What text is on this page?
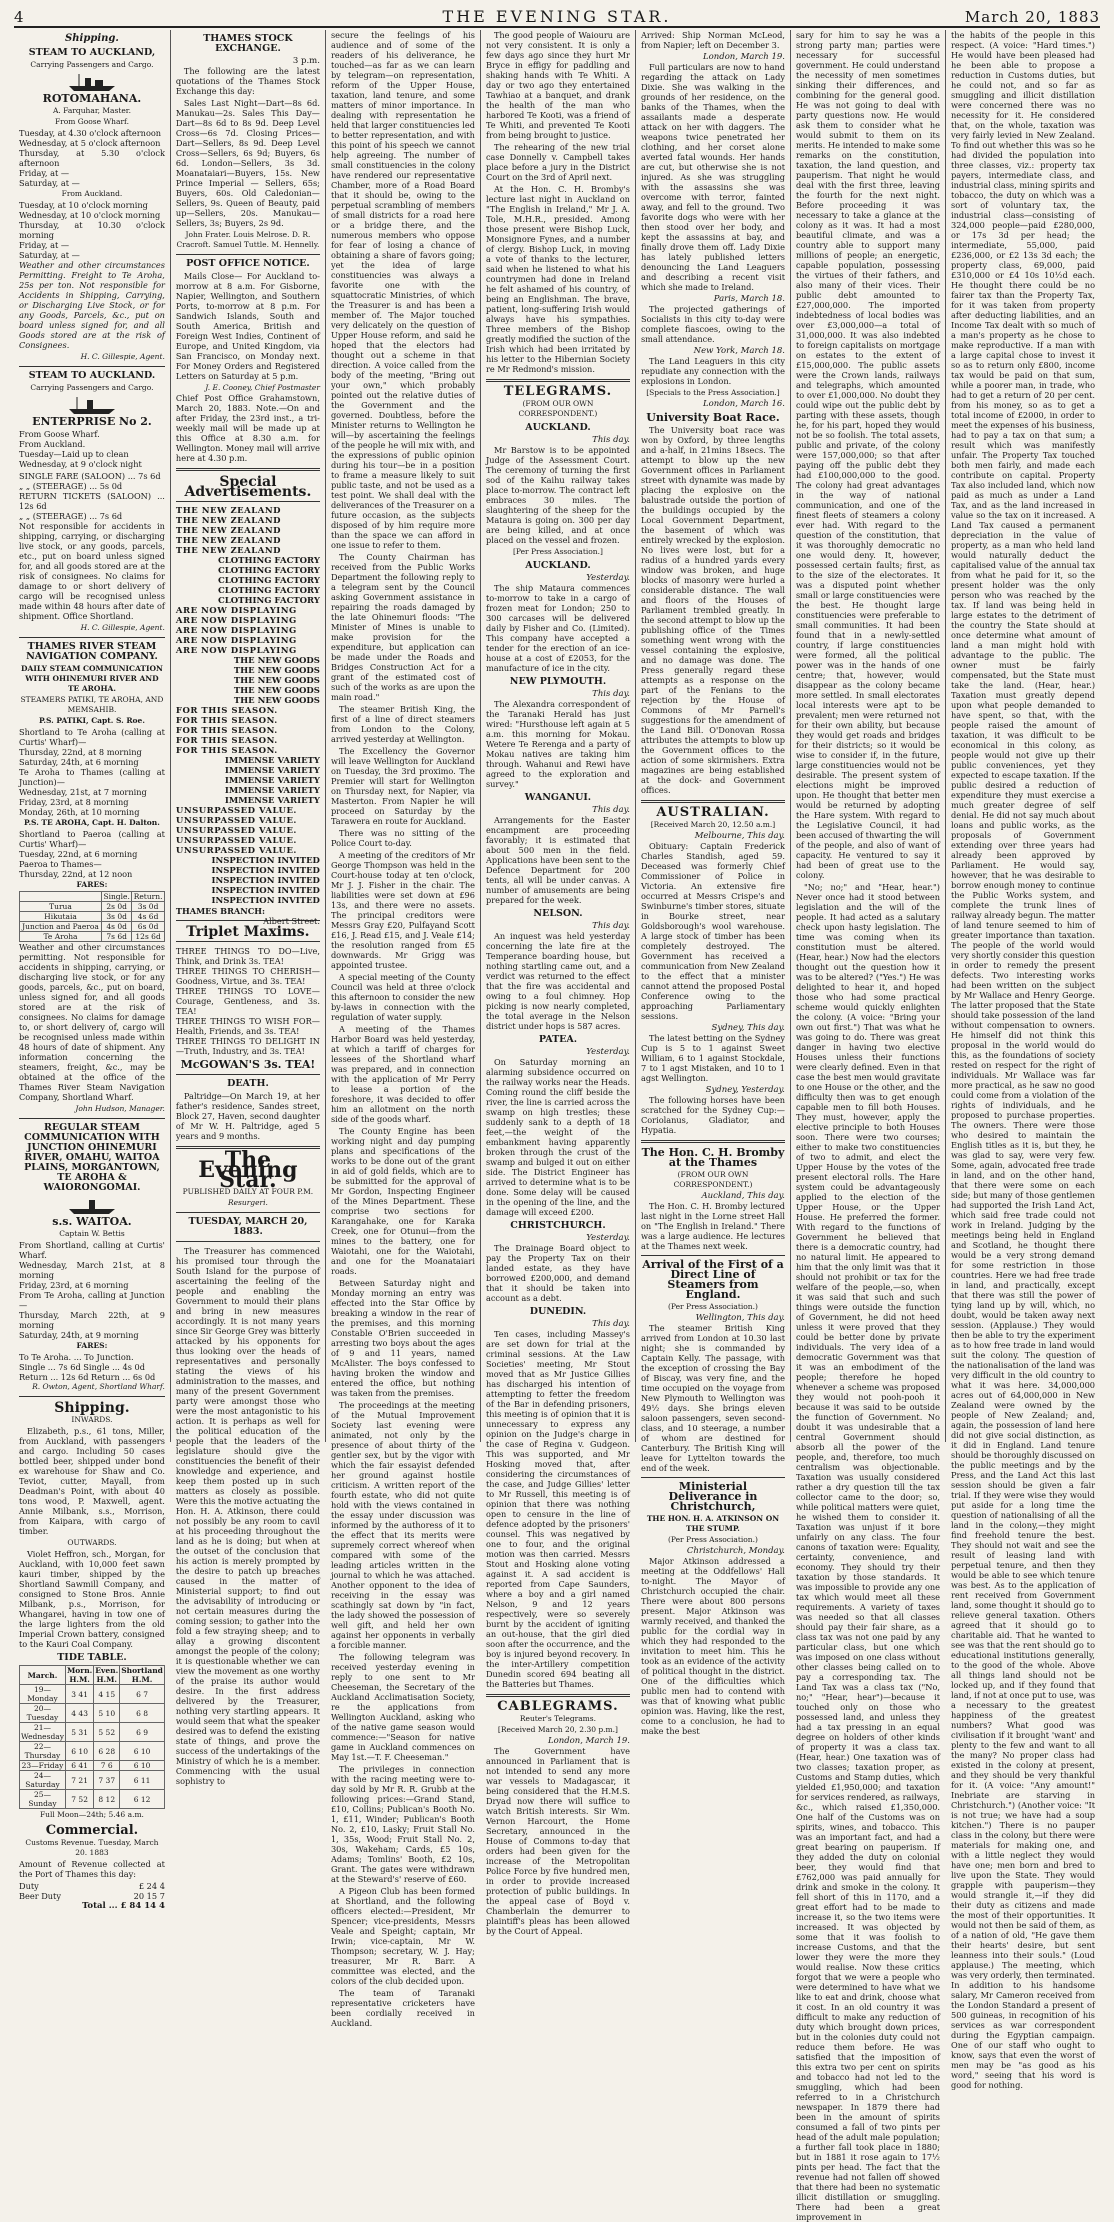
4	THE EVENING STAR.	March 20, 1883
Shipping.
STEAM TO AUCKLAND,
Carrying Passengers and Cargo.
ROTOMAHANA.
A. Farquhar, Master.
From Goose Wharf.
Tuesday, at 4.30 o'clock afternoon
Wednesday, at 5 o'clock afternoon
Thursday, at 5.30 o'clock afternoon
Friday, at —
Saturday, at —
From Auckland.
Tuesday, at 10 o'clock morning
Wednesday, at 10 o'clock morning
Thursday, at 10.30 o'clock morning
Friday, at —
Saturday, at —

Weather and other circumstances Permitting. Freight to Te Aroha, 25s per ton. Not responsible for Accidents in Shipping, Carrying, or Discharging Live Stock, or for any Goods, Parcels, &c., put on board unless signed for, and all Goods stored are at the risk of Consignees.

H. C. Gillespie, Agent.
STEAM TO AUCKLAND.
Carrying Passengers and Cargo.
ENTERPRISE No 2.
From Goose Wharf.
From Auckland.
Tuesday—Laid up to clean
Wednesday, at 9 o'clock night
SINGLE FARE (SALOON) ... 7s 6d
„ „ (STEERAGE) ... 5s 0d
RETURN TICKETS (SALOON) ... 12s 6d
„ „ (STEERAGE) ... 7s 6d

Not responsible for accidents in shipping, carrying, or discharging live stock, or any goods, parcels, etc., put on board unless signed for, and all goods stored are at the risk of consignees. No claims for damage to or short delivery of cargo will be recognised unless made within 48 hours after date of shipment. Office Shortland.

H. C. Gillespie, Agent.
THAMES RIVER STEAM NAVIGATION COMPANY.
DAILY STEAM COMMUNICATION WITH OHINEMURI RIVER AND TE AROHA.
STEAMERS PATIKI, TE AROHA, AND MEMSAHIB.
P.S. PATIKI, Capt. S. Roe.
Shortland to Te Aroha (calling at Curtis' Wharf)—
Thursday, 22nd, at 8 morning
Saturday, 24th, at 6 morning
Te Aroha to Thames (calling at Junction)—
Wednesday, 21st, at 7 morning
Friday, 23rd, at 8 morning
Monday, 26th, at 10 morning
P.S. TE AROHA, Capt. H. Dalton.
Shortland to Paeroa (calling at Curtis' Wharf)—
Tuesday, 22nd, at 6 morning
Paeroa to Thames—
Thursday, 22nd, at 12 noon
FARES:
	Single.	Return.
Turua	2s 0d	3s 0d
Hikutaia	3s 0d	4s 6d
Junction and Paeroa	4s 0d	6s 0d
Te Aroha	7s 6d	12s 6d

Weather and other circumstances permitting. Not responsible for accidents in shipping, carrying, or discharging live stock, or for any goods, parcels, &c., put on board, unless signed for, and all goods stored are at the risk of consignees. No claims for damage to, or short delivery of, cargo will be recognised unless made within 48 hours of date of shipment. Any information concerning the steamers, freight, &c., may be obtained at the office of the Thames River Steam Navigation Company, Shortland Wharf.

John Hudson, Manager.
REGULAR STEAM COMMUNICATION WITH JUNCTION OHINEMURI RIVER, OMAHU, WAITOA PLAINS, MORGANTOWN, TE AROHA & WAIORONGOMAI.
s.s. WAITOA.
Captain W. Bettis
From Shortland, calling at Curtis' Wharf.
Wednesday, March 21st, at 8 morning
Friday, 23rd, at 6 morning
From Te Aroha, calling at Junction—
Thursday, March 22th, at 9 morning
Saturday, 24th, at 9 morning
FARES:
To Te Aroha. ... To Junction.
Single ... 7s 6d Single ... 4s 0d
Return ... 12s 6d Return ... 6s 0d
R. Owton, Agent, Shortland Wharf.
Shipping.
INWARDS.

Elizabeth, p.s., 61 tons, Miller, from Auckland, with passengers and cargo. Including 50 cases bottled beer, shipped under bond ex warehouse for Shaw and Co. Teviot, cutter, Mayall, from Deadman's Point, with about 40 tons wood, P. Maxwell, agent. Annie Milbank, s.s., Morrison, from Kaipara, with cargo of timber.

OUTWARDS.

Violet Heffron, sch., Morgan, for Auckland, with 10,000 feet sawn kauri timber, shipped by the Shortland Sawmill Company, and consigned to Stone Bros. Annie Milbank, p.s., Morrison, for Whangarei, having in tow one of the large lighters from the old Imperial Crown battery, consigned to the Kauri Coal Company.

TIDE TABLE.
March.	Morn. H.M.	Even. H.M.	Shortland H.M.
19—Monday	3 41	4 15	6 7
20—Tuesday	4 43	5 10	6 8
21—Wednesday	5 31	5 52	6 9
22—Thursday	6 10	6 28	6 10
23—Friday	6 41	7 6	6 10
24—Saturday	7 21	7 37	6 11
25—Sunday	7 52	8 12	6 12
Full Moon—24th; 5.46 a.m.
Commercial.
Customs Revenue. Tuesday, March 20. 1883

Amount of Revenue collected at the Port of Thames this day:

Duty	£ 24 4
Beer Duty	20 15 7
Total ... £ 84 14 4
THAMES STOCK EXCHANGE.
3 p.m.

The following are the latest quotations of the Thames Stock Exchange this day:

Sales Last Night—Dart—8s 6d. Manukau—2s. Sales This Day—Dart—8s 6d to 8s 9d. Deep Level Cross—6s 7d. Closing Prices—Dart—Sellers, 8s 9d. Deep Level Cross—Sellers, 6s 9d; Buyers, 6s 6d. London—Sellers, 3s 3d. Moanataiari—Buyers, 15s. New Prince Imperial — Sellers, 65s; Buyers, 60s. Old Caledonian—Sellers, 9s. Queen of Beauty, paid up—Sellers, 20s. Manukau—Sellers, 3s; Buyers, 2s 9d.

John Frater. Louis Melrose. D. R. Cracroft. Samuel Tuttle. M. Hennelly.
POST OFFICE NOTICE.

Mails Close— For Auckland to-morrow at 8 a.m. For Gisborne, Napier, Wellington, and Southern Ports, to-morrow at 8 p.m. For Sandwich Islands, South and South America, British and Foreign West Indies, Continent of Europe, and United Kingdom, via San Francisco, on Monday next. For Money Orders and Registered Letters on Saturday at 5 p.m.

J. E. Cooney, Chief Postmaster

Chief Post Office Grahamstown, March 20, 1883. Note.—On and after Friday, the 23rd inst., a tri-weekly mail will be made up at this Office at 8.30 a.m. for Wellington. Money mail will arrive here at 4.30 p.m.

Special Advertisements.
THE NEW ZEALAND
THE NEW ZEALAND
THE NEW ZEALAND
THE NEW ZEALAND
THE NEW ZEALAND
CLOTHING FACTORY
CLOTHING FACTORY
CLOTHING FACTORY
CLOTHING FACTORY
CLOTHING FACTORY
ARE NOW DISPLAYING
ARE NOW DISPLAYING
ARE NOW DISPLAYING
ARE NOW DISPLAYING
ARE NOW DISPLAYING
THE NEW GOODS
THE NEW GOODS
THE NEW GOODS
THE NEW GOODS
THE NEW GOODS
FOR THIS SEASON.
FOR THIS SEASON.
FOR THIS SEASON.
FOR THIS SEASON.
FOR THIS SEASON.
IMMENSE VARIETY
IMMENSE VARIETY
IMMENSE VARIETY
IMMENSE VARIETY
IMMENSE VARIETY
UNSURPASSED VALUE.
UNSURPASSED VALUE.
UNSURPASSED VALUE.
UNSURPASSED VALUE.
UNSURPASSED VALUE.
INSPECTION INVITED
INSPECTION INVITED
INSPECTION INVITED
INSPECTION INVITED
INSPECTION INVITED
THAMES BRANCH:
Albert Street.
Triplet Maxims.
THREE THINGS TO DO—Live, Think, and Drink 3s. TEA!
THREE THINGS TO CHERISH—Goodness, Virtue, and 3s. TEA!
THREE THINGS TO LOVE—Courage, Gentleness, and 3s. TEA!
THREE THINGS TO WISH FOR—Health, Friends, and 3s. TEA!
THREE THINGS TO DELIGHT IN—Truth, Industry, and 3s. TEA!
McGOWAN'S 3s. TEA!
DEATH.

Paltridge—On March 19, at her father's residence, Sandes street, Block 27, Haven, second daughter of Mr W. H. Paltridge, aged 5 years and 9 months.

The Evening Star.
PUBLISHED DAILY AT FOUR P.M.
Resurgeri.
TUESDAY, MARCH 20, 1883.

The Treasurer has commenced his promised tour through the South Island for the purpose of ascertaining the feeling of the people and enabling the Government to mould their plans and bring in new measures accordingly. It is not many years since Sir George Grey was bitterly attacked by his opponents for thus looking over the heads of representatives and personally stating the views of his administration to the masses, and many of the present Government party were amongst those who were the most antagonistic to his action. It is perhaps as well for the political education of the people that the leaders of the legislature should give the constituencies the benefit of their knowledge and experience, and keep them posted up in such matters as closely as possible. Were this the motive actuating the Hon. H. A. Atkinson, there could not possibly be any room to cavil at his proceeding throughout the land as he is doing; but when at the outset of the conclusion that his action is merely prompted by the desire to patch up breaches caused in the matter of Ministerial support; to find out the advisability of introducing or not certain measures during the coming session; to gather into the fold a few straying sheep; and to allay a growing discontent amongst the people of the colony; it is questionable whether we can view the movement as one worthy of the praise its author would desire. In the first address delivered by the Treasurer, nothing very startling appears. It would seem that what the speaker desired was to defend the existing state of things, and prove the success of the undertakings of the Ministry of which he is a member. Commencing with the usual sophistry to

secure the feelings of his audience and of some of the readers of his deliverance, he touched—as far as we can learn by telegram—on representation, reform of the Upper House, taxation, land tenure, and some matters of minor importance. In dealing with representation he held that larger constituencies led to better representation, and with this point of his speech we cannot help agreeing. The number of small constituencies in the colony have rendered our representative Chamber, more of a Road Board that it should be, owing to the perpetual scrambling of members of small districts for a road here or a bridge there, and the numerous members who oppose for fear of losing a chance of obtaining a share of favors going; yet the idea of large constituencies was always a favorite one with the squattocratic Ministries, of which the Treasurer is and has been a member of. The Major touched very delicately on the question of Upper House reform, and said he hoped that the electors had thought out a scheme in that direction. A voice called from the body of the meeting, "Bring out your own," which probably pointed out the relative duties of the Government and the governed. Doubtless, before the Minister returns to Wellington he will—by ascertaining the feelings of the people he will mix with, and the expressions of public opinion during his tour—be in a position to frame a measure likely to suit public taste, and not be used as a test point. We shall deal with the deliverances of the Treasurer on a future occasion, as the subjects disposed of by him require more than the space we can afford in one issue to refer to them.

The County Chairman has received from the Public Works Department the following reply to a telegram sent by the Council asking Government assistance in repairing the roads damaged by the late Ohinemuri floods: "The Minister of Mines is unable to make provision for the expenditure, but application can be made under the Roads and Bridges Construction Act for a grant of the estimated cost of such of the works as are upon the main road."

The steamer British King, the first of a line of direct steamers from London to the Colony, arrived yesterday at Wellington.

The Excellency the Governor will leave Wellington for Auckland on Tuesday, the 3rd proximo. The Premier will start for Wellington on Thursday next, for Napier, via Masterton. From Napier he will proceed on Saturday by the Tarawera en route for Auckland.

There was no sitting of the Police Court to-day.

A meeting of the creditors of Mr George Thompson was held in the Court-house today at ten o'clock, Mr J. J. Fisher in the chair. The liabilities were set down at £96 13s, and there were no assets. The principal creditors were Messrs Gray £20, Pulfayand Scott £16, J. Read £15, and J. Veale £14; the resolution ranged from £5 downwards. Mr Grigg was appointed trustee.

A special meeting of the County Council was held at three o'clock this afternoon to consider the new by-laws in connection with the regulation of water supply.

A meeting of the Thames Harbor Board was held yesterday, at which a tariff of charges for lessees of the Shortland wharf was prepared, and in connection with the application of Mr Perry to lease a portion of the foreshore, it was decided to offer him an allotment on the north side of the goods wharf.

The County Engine has been working night and day pumping plans and specifications of the works to be done out of the grant in aid of gold fields, which are to be submitted for the approval of Mr Gordon, Inspecting Engineer of the Mines Department. These comprise two sections for Karangahake, one for Karaka Creek, one for Otunui—from the mines to the battery, one for Waiotahi, one for the Waiotahi, and one for the Moanataiari roads.

Between Saturday night and Monday morning an entry was effected into the Star Office by breaking a window in the rear of the premises, and this morning Constable O'Brien succeeded in arresting two boys about the ages of 9 and 11 years, named McAlister. The boys confessed to having broken the window and entered the office, but nothing was taken from the premises.

The proceedings at the meeting of the Mutual Improvement Society last evening were animated, not only by the presence of about thirty of the gentler sex, but by the vigor with which the fair essayist defended her ground against hostile criticism. A written report of the fourth estate, who did not quite hold with the views contained in the essay under discussion was informed by the authoress of it to the effect that its merits were supremely correct whereof when compared with some of the leading articles written in the journal to which he was attached. Another opponent to the idea of receiving in the essay was scathingly sat down by "in fact, the lady showed the possession of well gift, and held her own against her opponents in verbally a forcible manner.

The following telegram was received yesterday evening in reply to one sent to Mr Cheeseman, the Secretary of the Auckland Acclimatisation Society, re the applications from Wellington Auckland, asking who of the native game season would commence:—"Season for native game in Auckland commences on May 1st.—T. F. Cheeseman."

The privileges in connection with the racing meeting were to-day sold by Mr R. R. Grubb at the following prices:—Grand Stand, £10, Collins; Publican's Booth No. 1, £11, Winder; Publican's Booth No. 2, £10, Lasky; Fruit Stall No. 1, 35s, Wood; Fruit Stall No. 2, 30s, Wakeham; Cards, £5 10s, Adams; Tomlins' Booth, £2 10s, Grant. The gates were withdrawn at the Steward's' reserve of £60.

A Pigeon Club has been formed at Shortland, and the following officers elected:—President, Mr Spencer; vice-presidents, Messrs Veale and Speight; captain, Mr Irwin; vice-captain, Mr W. Thompson; secretary, W. J. Hay; treasurer, Mr R. Barr. A committee was elected, and the colors of the club decided upon.

The team of Taranaki representative cricketers have been cordially received in Auckland.

The good people of Waiouru are not very consistent. It is only a few days ago since they hurt Mr Bryce in effigy for paddling and shaking hands with Te Whiti. A day or two ago they entertained Tawhiao at a banquet, and drank the health of the man who harbored Te Kooti, was a friend of Te Whiti, and prevented Te Kooti from being brought to justice.

The rehearing of the new trial case Donnelly v. Campbell takes place before a jury in the District Court on the 3rd of April next.

At the Hon. C. H. Bromby's lecture last night in Auckland on "The English in Ireland," Mr J. A. Tole, M.H.R., presided. Among those present were Bishop Luck, Monsignore Fynes, and a number of clergy. Bishop Luck, in moving a vote of thanks to the lecturer, said when he listened to what his countrymen had done in Ireland he felt ashamed of his country, of being an Englishman. The brave, patient, long-suffering Irish would always have his sympathies. Three members of the Bishop greatly modified the suction of the Irish which had been irritated by his letter to the Hibernian Society re Mr Redmond's mission.

TELEGRAMS.
(FROM OUR OWN CORRESPONDENT.)
AUCKLAND.
This day.

Mr Barstow is to be appointed Judge of the Assessment Court. The ceremony of turning the first sod of the Kaihu railway takes place to-morrow. The contract left embraces 30 miles. The slaughtering of the sheep for the Mataura is going on. 300 per day are being killed, and at once placed on the vessel and frozen.

[Per Press Association.]
AUCKLAND.
Yesterday.

The ship Mataura commences to-morrow to take in a cargo of frozen meat for London; 250 to 300 carcases will be delivered daily by Fisher and Co. (Limited). This company have accepted a tender for the erection of an ice-house at a cost of £2053, for the manufacture of ice in the city.

NEW PLYMOUTH.
This day.

The Alexandra correspondent of the Taranaki Herald has just wired: "Hursthouse left again at 5 a.m. this morning for Mokau. Wetere Te Rerenga and a party of Mokau natives are taking him through. Wahanui and Rewi have agreed to the exploration and survey."

WANGANUI.
This day.

Arrangements for the Easter encampment are proceeding favorably; it is estimated that about 500 men in the field. Applications have been sent to the Defence Department for 200 tents, all will be under canvas. A number of amusements are being prepared for the week.

NELSON.
This day.

An inquest was held yesterday concerning the late fire at the Temperance boarding house, but nothing startling came out, and a verdict was returned to the effect that the fire was accidental and owing to a foul chimney. Hop picking is now nearly completed, the total average in the Nelson district under hops is 587 acres.

PATEA.
Yesterday.

On Saturday morning an alarming subsidence occurred on the railway works near the Heads. Coming round the cliff beside the river, the line is carried across the swamp on high trestles; these suddenly sank to a depth of 18 feet,—the weight of the embankment having apparently broken through the crust of the swamp and bulged it out on either side. The District Engineer has arrived to determine what is to be done. Some delay will be caused in the opening of the line, and the damage will exceed £200.

CHRISTCHURCH.
Yesterday.

The Drainage Board object to pay the Property Tax on their landed estate, as they have borrowed £200,000, and demand that it should be taken into account as a debt.

DUNEDIN.
This day.

Ten cases, including Massey's are set down for trial at the criminal sessions. At the Law Societies' meeting, Mr Stout moved that as Mr Justice Gillies has discharged his intention of attempting to fetter the freedom of the Bar in defending prisoners, this meeting is of opinion that it is unnecessary to express any opinion on the Judge's charge in the case of Regina v. Gudgeon. This was supported, and Mr Hosking moved that, after considering the circumstances of the case, and Judge Gillies' letter to Mr Russell, this meeting is of opinion that there was nothing open to censure in the line of defence adopted by the prisoners' counsel. This was negatived by one to four, and the original motion was then carried. Messrs Stout and Hosking alone voting against it. A sad accident is reported from Cape Saunders, where a boy and a girl named Nelson, 9 and 12 years respectively, were so severely burnt by the accident of igniting an out-house, that the girl died soon after the occurrence, and the boy is injured beyond recovery. In the inter-Artillery competition Dunedin scored 694 beating all the Batteries but Thames.

CABLEGRAMS.
Reuter's Telegrams.
[Received March 20, 2.30 p.m.]
London, March 19.

The Government have announced in Parliament that is not intended to send any more war vessels to Madagascar, it being considered that the H.M.S. Dryad now there will suffice to watch British interests. Sir Wm. Vernon Harcourt, the Home Secretary, announced in the House of Commons to-day that orders had been given for the increase of the Metropolitan Police Force by five hundred men, in order to provide increased protection of public buildings. In the appeal case of Boyd v. Chamberlain the demurrer to plaintiff's pleas has been allowed by the Court of Appeal.

Arrived: Ship Norman McLeod, from Napier; left on December 3.

London, March 19.

Full particulars are now to hand regarding the attack on Lady Dixie. She was walking in the grounds of her residence, on the banks of the Thames, when the assailants made a desperate attack on her with daggers. The weapons twice penetrated her clothing, and her corset alone averted fatal wounds. Her hands are cut, but otherwise she is not injured. As she was struggling with the assassins she was overcome with terror, fainted away, and fell to the ground. Two favorite dogs who were with her then stood over her body, and kept the assassins at bay, and finally drove them off. Lady Dixie has lately published letters denouncing the Land Leaguers and describing a recent visit which she made to Ireland.

Paris, March 18.

The projected gatherings of Socialists in this city to-day were complete fiascoes, owing to the small attendance.

New York, March 18.

The Land Leaguers in this city repudiate any connection with the explosions in London.

[Specials to the Press Association.]
London, March 16.
University Boat Race.

The University boat race was won by Oxford, by three lengths and a-half, in 21mins 18secs. The attempt to blow up the new Government offices in Parliament street with dynamite was made by placing the explosive on the balustrade outside the portion of the buildings occupied by the Local Government Department, the basement of which was entirely wrecked by the explosion. No lives were lost, but for a radius of a hundred yards every window was broken, and huge blocks of masonry were hurled a considerable distance. The wall and floors of the Houses of Parliament trembled greatly. In the second attempt to blow up the publishing office of the Times something went wrong with the vessel containing the explosive, and no damage was done. The Press generally regard these attempts as a response on the part of the Fenians to the rejection by the House of Commons of Mr Parnell's suggestions for the amendment of the Land Bill. O'Donovan Rossa attributes the attempts to blow up the Government offices to the action of some skirmishers. Extra magazines are being established at the dock- and Government offices.

AUSTRALIAN.
[Received March 20, 12.50 a.m.]
Melbourne, This day.

Obituary: Captain Frederick Charles Standish, aged 59. Deceased was formerly Chief Commissioner of Police in Victoria. An extensive fire occurred at Messrs Crispe's and Swinburne's timber stores, situate in Bourke street, near Goldsborough's wool warehouse. A large stock of timber has been completely destroyed. The Government has received a communication from New Zealand to the effect that a minister cannot attend the proposed Postal Conference owing to the approaching Parliamentary sessions.

Sydney, This day.

The latest betting on the Sydney Cup is 5 to 1 against Sweet William, 6 to 1 against Stockdale, 7 to 1 agst Mistaken, and 10 to 1 agst Wellington.

Sydney, Yesterday.

The following horses have been scratched for the Sydney Cup:—Coriolanus, Gladiator, and Hypatia.

The Hon. C. H. Bromby at the Thames
(FROM OUR OWN CORRESPONDENT.)
Auckland, This day.

The Hon. C. H. Bromby lectured last night in the Lorne street Hall on "The English in Ireland." There was a large audience. He lectures at the Thames next week.

Arrival of the First of a Direct Line of Steamers from England.
(Per Press Association.)
Wellington, This day.

The steamer British King arrived from London at 10.30 last night; she is commanded by Captain Kelly. The passage, with the exception of crossing the Bay of Biscay, was very fine, and the time occupied on the voyage from New Plymouth to Wellington was 49½ days. She brings eleven saloon passengers, seven second-class, and 10 steerage, a number of whom are destined for Canterbury. The British King will leave for Lyttelton towards the end of the week.

Ministerial Deliverance in Christchurch,
THE HON. H. A. ATKINSON ON THE STUMP.
(Per Press Association.)
Christchurch, Monday.

Major Atkinson addressed a meeting at the Oddfellows' Hall to-night. The Mayor of Christchurch occupied the chair. There were about 800 persons present. Major Atkinson was warmly received, and thanked the public for the cordial way in which they had responded to the invitation to meet him. This he took as an evidence of the activity of political thought in the district. One of the difficulties which public men had to contend with was that of knowing what public opinion was. Having, like the rest, come to a conclusion, he had to make the best

sary for him to say he was a strong party man; parties were necessary for successful government. He could understand the necessity of men sometimes sinking their differences, and combining for the general good. He was not going to deal with party questions now. He would ask them to consider what he would submit to them on its merits. He intended to make some remarks on the constitution, taxation, the land question, and pauperism. That night he would deal with the first three, leaving the fourth for the next night. Before proceeding it was necessary to take a glance at the colony as it was. It had a most beautiful climate, and was a country able to support many millions of people; an energetic, capable population, possessing the virtues of their fathers, and also many of their vices. Their public debt amounted to £27,000,000. The imported indebtedness of local bodies was over £3,000,000—a total of 31,000,000. It was also indebted to foreign capitalists on mortgage on estates to the extent of £15,000,000. The public assets were the Crown lands, railways and telegraphs, which amounted to over £1,000,000. No doubt they could wipe out the public debt by parting with these assets, though he, for his part, hoped they would not be so foolish. The total assets, public and private, of the colony were 157,000,000; so that after paying off the public debt they had £100,000,000 to the good. The colony had great advantages in the way of national communication, and one of the finest fleets of steamers a colony ever had. With regard to the question of the constitution, that it was thoroughly democratic no one would deny. It, however, possessed certain faults; first, as to the size of the electorates. It was a disputed point whether small or large constituencies were the best. He thought large constituencies were preferable to small communities. It had been found that in a newly-settled country, if large constituencies were formed, all the political power was in the hands of one centre; that, however, would disappear as the colony became more settled. In small electorates local interests were apt to be prevalent; men were returned not for their own ability, but because they would get roads and bridges for their districts; so it would be wise to consider if, in the future, large constituencies would not be desirable. The present system of elections might be improved upon. He thought that better men would be returned by adopting the Hare system. With regard to the Legislative Council, it had been accused of thwarting the will of the people, and also of want of capacity. He ventured to say it had been of great use to the colony.

"No; no;" and "Hear, hear.") Never once had it stood between legislation and the will of the people. It had acted as a salutary check upon hasty legislation. The time was coming when its constitution must be altered. (Hear, hear.) Now had the electors thought out the question how it was to be altered? ("Yes.") He was delighted to hear it, and hoped those who had some practical scheme would quickly enlighten the colony. (A voice: "Bring your own out first.") That was what he was going to do. There was great danger in having two elective Houses unless their functions were clearly defined. Even in that case the best men would gravitate to one House or the other, and the difficulty then was to get enough capable men to fill both Houses. They must, however, apply the elective principle to both Houses soon. There were two courses; either to make two constituencies of two to admit, and elect the Upper House by the votes of the present electoral rolls. The Hare system could be advantageously applied to the election of the Upper House, or the Upper House. He preferred the former. With regard to the functions of Government he believed that there is a democratic country, had no natural limit. He appeared to him that the only limit was that it should not prohibit or tax for the welfare of the people,—so, when it was said that such and such things were outside the function of Government, he did not heed unless it were proved that they could be better done by private individuals. The very idea of a democratic Government was that it was an embodiment of the people; therefore he hoped whenever a scheme was proposed they would not pooh-pooh it because it was said to be outside the function of Government. No doubt it was undesirable that a central Government should absorb all the power of the people, and, therefore, too much centralism was objectionable. Taxation was usually considered rather a dry question till the tax collector came to the door; so, while political matters were quiet, he wished them to consider it. Taxation was unjust if it bore unfairly on any class. The four canons of taxation were: Equality, certainty, convenience, and economy. They should try their taxation by those standards. It was impossible to provide any one tax which would meet all these requirements. A variety of taxes was needed so that all classes should pay their fair share, as a class tax was not one paid by any particular class, but one which was imposed on one class without other classes being called on to pay a corresponding tax. The Land Tax was a class tax ("No, no;" "Hear, hear")—because it touched only on those who possessed land, and unless they had a tax pressing in an equal degree on holders of other kinds of property it was a class tax. (Hear, hear.) One taxation was of two classes; taxation proper, as Customs and Stamp duties, which yielded £1,950,000; and taxation for services rendered, as railways, &c., which raised £1,350,000. One half of the Customs was on spirits, wines, and tobacco. This was an important fact, and had a great bearing on pauperism. If they added the duty on colonial beer, they would find that £762,000 was paid annually for drink and smoke in the colony. It fell short of this in 1170, and a great effort had to be made to increase it, so the two items were increased. It was objected by some that it was foolish to increase Customs, and that the lower they were the more they would realise. Now these critics forgot that we were a people who were determined to have what we like to eat and drink, choose what it cost. In an old country it was difficult to make any reduction of duty which brought down prices, but in the colonies duty could not reduce them before. He was satisfied that the imposition of this extra two per cent on spirits and tobacco had not led to the smuggling, which had been referred to in a Christchurch newspaper. In 1879 there had been in the amount of spirits consumed a fall of two pints per head of the adult male population; a further fall took place in 1880; but in 1881 it rose again to 17½ pints per head. The fact that the revenue had not fallen off showed that there had been no systematic illicit distillation or smuggling. There had been a great improvement in

the habits of the people in this respect. (A voice: "Hard times.") He would have been pleased had he been able to propose a reduction in Customs duties, but he could not, and so far as smuggling and illicit distillation were concerned there was no necessity for it. He considered that, on the whole, taxation was very fairly levied in New Zealand. To find out whether this was so he had divided the population into three classes, viz.: property tax payers, intermediate class, and industrial class, mining spirits and tobacco, the duty on which was a sort of voluntary tax, the industrial class—consisting of 324,000 people—paid £280,000, or 17s 3d per head; the intermediate, 55,000, paid £236,000, or £2 13s 3d each; the property class, 69,000, paid £310,000 or £4 10s 10½d each. He thought there could be no fairer tax than the Property Tax, for it was taken from property after deducting liabilities, and an Income Tax dealt with so much of a man's property as he chose to make reproductive. If a man with a large capital chose to invest it so as to return only £800, income tax would be paid on that sum, while a poorer man, in trade, who had to get a return of 20 per cent. from his money, so as to get a total income of £2000, in order to meet the expenses of his business, had to pay a tax on that sum; a result which was manifestly unfair. The Property Tax touched both men fairly, and made each contribute on capital. Property Tax also included land, which now paid as much as under a Land Tax, and as the land increased in value so the tax on it increased. A Land Tax caused a permanent depreciation in the value of property, as a man who held land would naturally deduct the capitalised value of the annual tax from what he paid for it, so the present holder was the only person who was reached by the tax. If land was being held in large estates to the detriment of the country the State should at once determine what amount of land a man might hold with advantage to the public. The owner must be fairly compensated, but the State must take the land. (Hear, hear.) Taxation must greatly depend upon what people demanded to have spent, so that, with the people raised the amount of taxation, it was difficult to be economical in this colony, as people would not give up their public conveniences, yet they expected to escape taxation. If the public desired a reduction of expenditure they must exercise a much greater degree of self denial. He did not say much about loans and public works, as the proposals of Government extending over three years had already been approved by Parliament. He would say, however, that he was desirable to borrow enough money to continue the Public Works system, and complete the trunk lines of railway already begun. The matter of land tenure seemed to him of greater importance than taxation. The people of the world would very shortly consider this question in order to remedy the present defects. Two interesting works had been written on the subject by Mr Wallace and Henry George. The latter proposed that the State should take possession of the land without compensation to owners. He himself did not think this proposal in the world would do this, as the foundations of society rested on respect for the right of individuals. Mr Wallace was far more practical, as he saw no good could come from a violation of the rights of individuals, and he proposed to purchase properties. The owners. There were those who desired to maintain the English titles as it is, but they, he was glad to say, were very few. Some, again, advocated free trade in land, and on the other hand, that there were some on each side; but many of those gentlemen had supported the Irish Land Act, which said free trade could not work in Ireland. Judging by the meetings being held in England and Scotland, he thought there would be a very strong demand for some restriction in those countries. Here we had free trade in land, and practically, except that there was still the power of tying land up by will, which, no doubt, would be taken away next session. (Applause.) They would then be able to try the experiment as to how free trade in land would suit the colony. The question of the nationalisation of the land was very difficult in the old country to what it was here. 34,000,000 acres out of 64,000,000 in New Zealand were owned by the people of New Zealand; and, again, the possession of land here did not give social distinction, as it did in England. Land tenure should be thoroughly discussed on the public meetings and by the Press, and the Land Act this last session should be given a fair trial. If they were wise they would put aside for a long time the question of nationalising of all the land in the colony,—they might find freehold tenure the best. They should not wait and see the result of leasing land with perpetual tenure, and then they would be able to see which tenure was best. As to the application of rent received from Government land, some thought it should go to relieve general taxation. Others agreed that it should go to charitable aid. That he wanted to see was that the rent should go to educational institutions generally, to the good of the whole. Above all things land should not be locked up, and if they found that land, if not at once put to use, was a necessary to the greatest happiness of the greatest numbers? What good was civilisation if it brought 'want' and plenty to the few and want to all the many? No proper class had existed in the colony at present, and they should be very thankful for it. (A voice: "Any amount!" Inebriate are starving in Christchurch.") (Another voice: "It is not true; we have had a soup kitchen.") There is no pauper class in the colony, but there were materials for making one, and with a little neglect they would have one; men born and bred to live upon the State. They would grapple with pauperism—they would strangle it,—if they did their duty as citizens and made the most of their opportunities. It would not then be said of them, as of a nation of old, "He gave them their hearts' desire, but sent leanness into their souls." (Loud applause.) The meeting, which was very orderly, then terminated. In addition to his handsome salary, Mr Cameron received from the London Standard a present of 500 guineas, in recognition of his services as war correspondent during the Egyptian campaign. One of our staff who ought to know, says that even the worst of men may be "as good as his word," seeing that his word is good for nothing.
